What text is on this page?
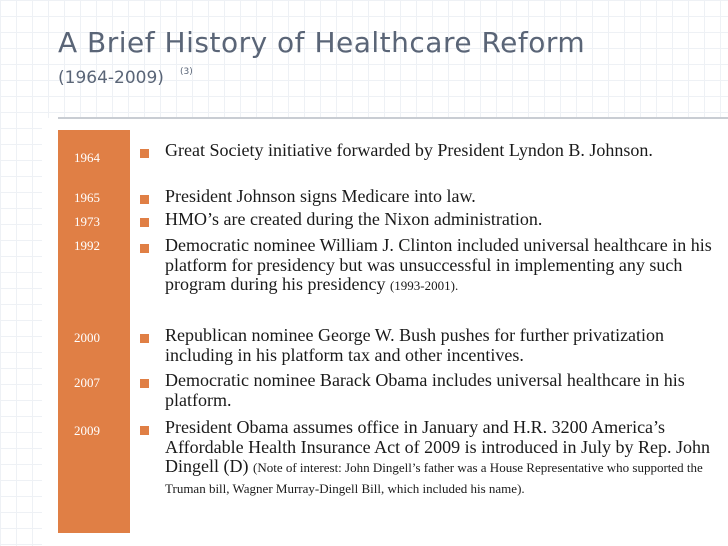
A Brief History of Healthcare Reform
(1964-2009) (3)
1964
1965
1973
1992
2000
2007
2009
Great Society initiative forwarded by President Lyndon B. Johnson.
President Johnson signs Medicare into law.
HMO’s are created during the Nixon administration.
Democratic nominee William J. Clinton included universal healthcare in his platform for presidency but was unsuccessful in implementing any such program during his presidency (1993-2001).
Republican nominee George W. Bush pushes for further privatization including in his platform tax and other incentives.
Democratic nominee Barack Obama includes universal healthcare in his platform.
President Obama assumes office in January and H.R. 3200 America’s Affordable Health Insurance Act of 2009 is introduced in July by Rep. John Dingell (D) (Note of interest: John Dingell’s father was a House Representative who supported the Truman bill, Wagner Murray-Dingell Bill, which included his name).
